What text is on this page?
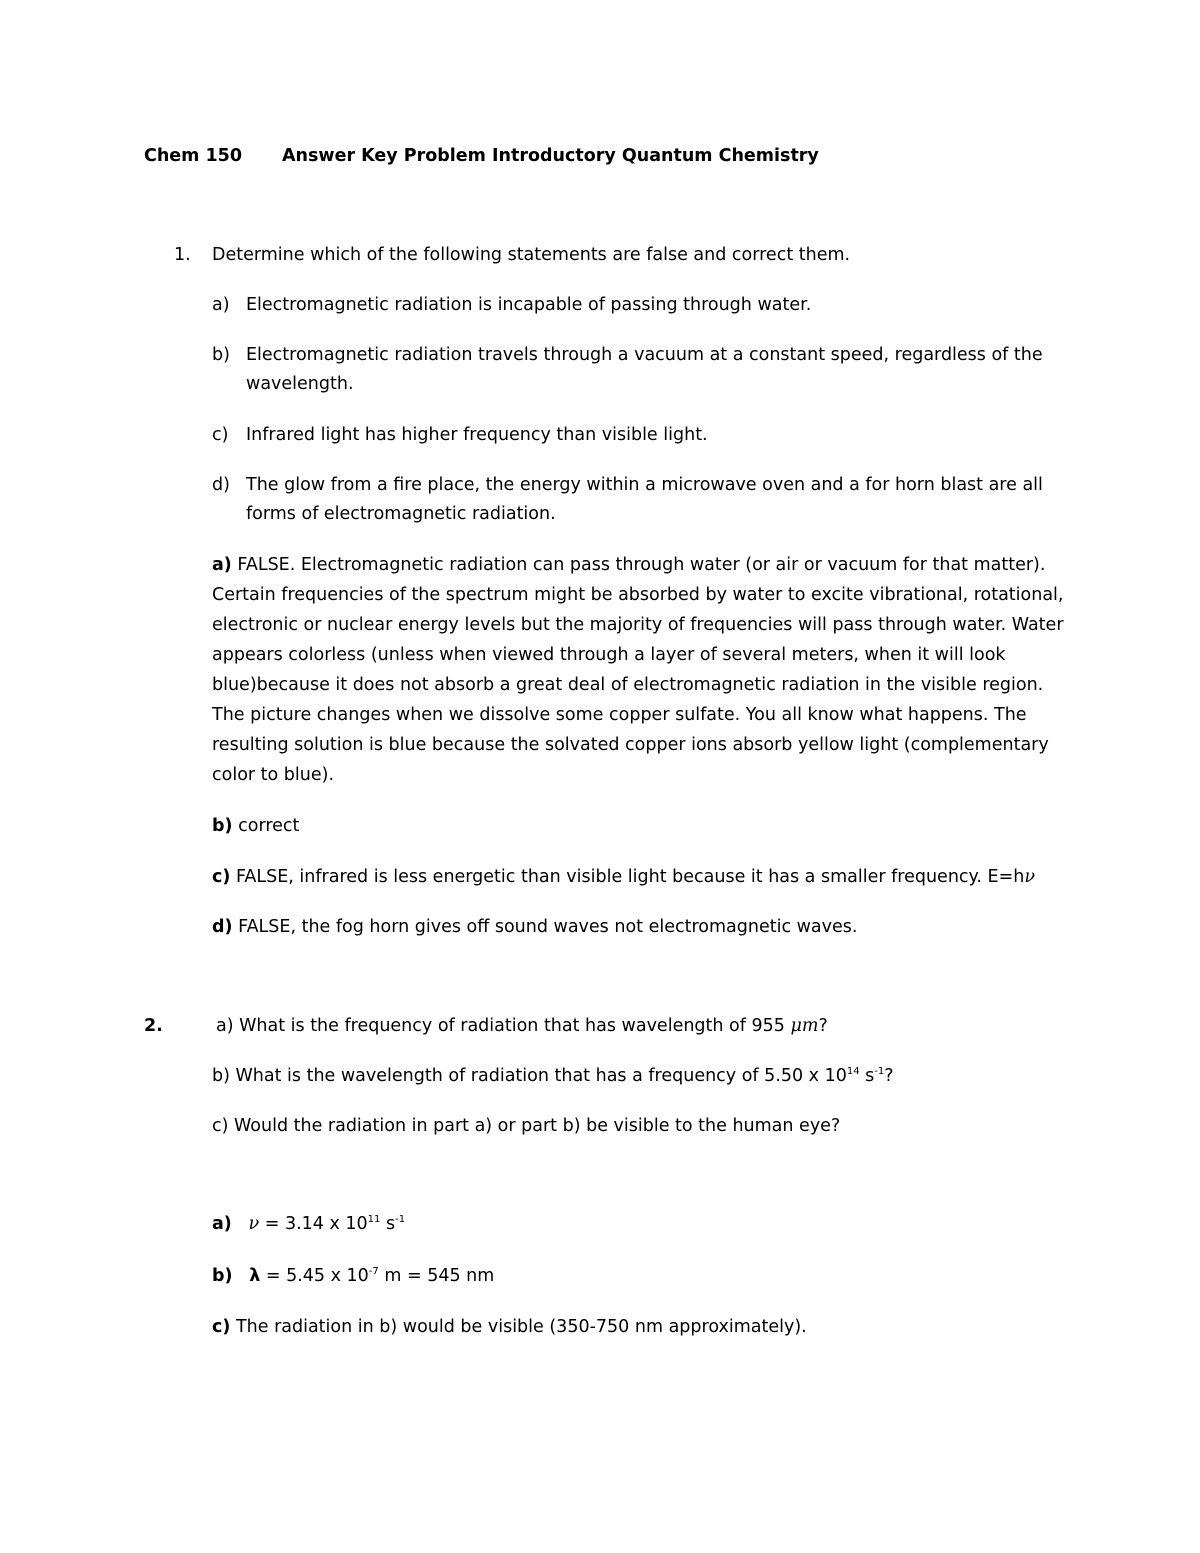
Chem 150 Answer Key Problem Introductory Quantum Chemistry

1. Determine which of the following statements are false and correct them.

a) Electromagnetic radiation is incapable of passing through water.

b) Electromagnetic radiation travels through a vacuum at a constant speed, regardless of the

wavelength.

c) Infrared light has higher frequency than visible light.

d) The glow from a fire place, the energy within a microwave oven and a for horn blast are all

forms of electromagnetic radiation.

a) FALSE. Electromagnetic radiation can pass through water (or air or vacuum for that matter). Certain frequencies of the spectrum might be absorbed by water to excite vibrational, rotational, electronic or nuclear energy levels but the majority of frequencies will pass through water. Water appears colorless (unless when viewed through a layer of several meters, when it will look blue)because it does not absorb a great deal of electromagnetic radiation in the visible region. The picture changes when we dissolve some copper sulfate. You all know what happens. The resulting solution is blue because the solvated copper ions absorb yellow light (complementary color to blue).

b) correct

c) FALSE, infrared is less energetic than visible light because it has a smaller frequency. E=hν

d) FALSE, the fog horn gives off sound waves not electromagnetic waves.

2.	a) What is the frequency of radiation that has wavelength of 955 μm?

b) What is the wavelength of radiation that has a frequency of 5.50 x $10^{14}$ $s^{-1}$?

c) Would the radiation in part a) or part b) be visible to the human eye?

a) ν = 3.14 x $10^{11}$ $s^{-1}$

b) λ = 5.45 x $10^{-7}$ m = 545 nm

c) The radiation in b) would be visible (350-750 nm approximately).
